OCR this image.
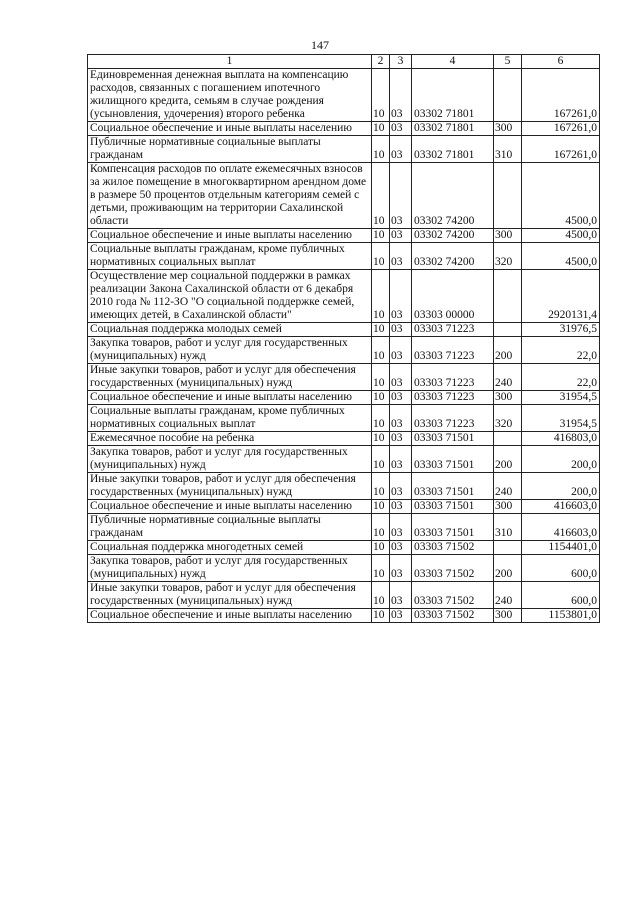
147
1	2	3	4	5	6
Единовременная денежная выплата на компенсацию расходов, связанных с погашением ипотечного жилищного кредита, семьям в случае рождения (усыновления, удочерения) второго ребенка	10	03	03302 71801		167261,0
Социальное обеспечение и иные выплаты населению	10	03	03302 71801	300	167261,0
Публичные нормативные социальные выплаты гражданам	10	03	03302 71801	310	167261,0
Компенсация расходов по оплате ежемесячных взносов за жилое помещение в многоквартирном арендном доме в размере 50 процентов отдельным категориям семей с детьми, проживающим на территории Сахалинской области	10	03	03302 74200		4500,0
Социальное обеспечение и иные выплаты населению	10	03	03302 74200	300	4500,0
Социальные выплаты гражданам, кроме публичных нормативных социальных выплат	10	03	03302 74200	320	4500,0
Осуществление мер социальной поддержки в рамках реализации Закона Сахалинской области от 6 декабря 2010 года № 112-ЗО "О социальной поддержке семей, имеющих детей, в Сахалинской области"	10	03	03303 00000		2920131,4
Социальная поддержка молодых семей	10	03	03303 71223		31976,5
Закупка товаров, работ и услуг для государственных (муниципальных) нужд	10	03	03303 71223	200	22,0
Иные закупки товаров, работ и услуг для обеспечения государственных (муниципальных) нужд	10	03	03303 71223	240	22,0
Социальное обеспечение и иные выплаты населению	10	03	03303 71223	300	31954,5
Социальные выплаты гражданам, кроме публичных нормативных социальных выплат	10	03	03303 71223	320	31954,5
Ежемесячное пособие на ребенка	10	03	03303 71501		416803,0
Закупка товаров, работ и услуг для государственных (муниципальных) нужд	10	03	03303 71501	200	200,0
Иные закупки товаров, работ и услуг для обеспечения государственных (муниципальных) нужд	10	03	03303 71501	240	200,0
Социальное обеспечение и иные выплаты населению	10	03	03303 71501	300	416603,0
Публичные нормативные социальные выплаты гражданам	10	03	03303 71501	310	416603,0
Социальная поддержка многодетных семей	10	03	03303 71502		1154401,0
Закупка товаров, работ и услуг для государственных (муниципальных) нужд	10	03	03303 71502	200	600,0
Иные закупки товаров, работ и услуг для обеспечения государственных (муниципальных) нужд	10	03	03303 71502	240	600,0
Социальное обеспечение и иные выплаты населению	10	03	03303 71502	300	1153801,0
